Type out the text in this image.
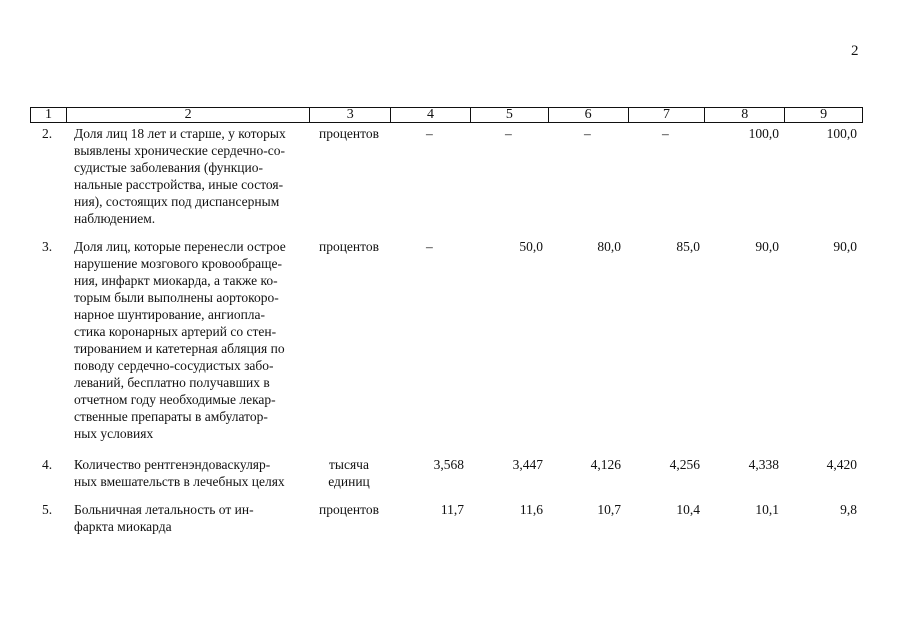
2
1	2	3	4	5	6	7	8	9
2. Доля лиц 18 лет и старше, у которых
выявлены хронические сердечно-со-
судистые заболевания (функцио-
нальные расстройства, иные состоя-
ния), состоящих под диспансерным
наблюдением.
процентов	–	–	–	–	100,0	100,0
3. Доля лиц, которые перенесли острое
нарушение мозгового кровообраще-
ния, инфаркт миокарда, а также ко-
торым были выполнены аортокоро-
нарное шунтирование, ангиопла-
стика коронарных артерий со стен-
тированием и катетерная абляция по
поводу сердечно-сосудистых забо-
леваний, бесплатно получавших в
отчетном году необходимые лекар-
ственные препараты в амбулатор-
ных условиях
процентов	–	50,0	80,0	85,0	90,0	90,0
4. Количество рентгенэндоваскуляр-
ных вмешательств в лечебных целях
тысяча
единиц
3,568	3,447	4,126	4,256	4,338	4,420
5. Больничная летальность от ин-
фаркта миокарда
процентов	11,7	11,6	10,7	10,4	10,1	9,8
